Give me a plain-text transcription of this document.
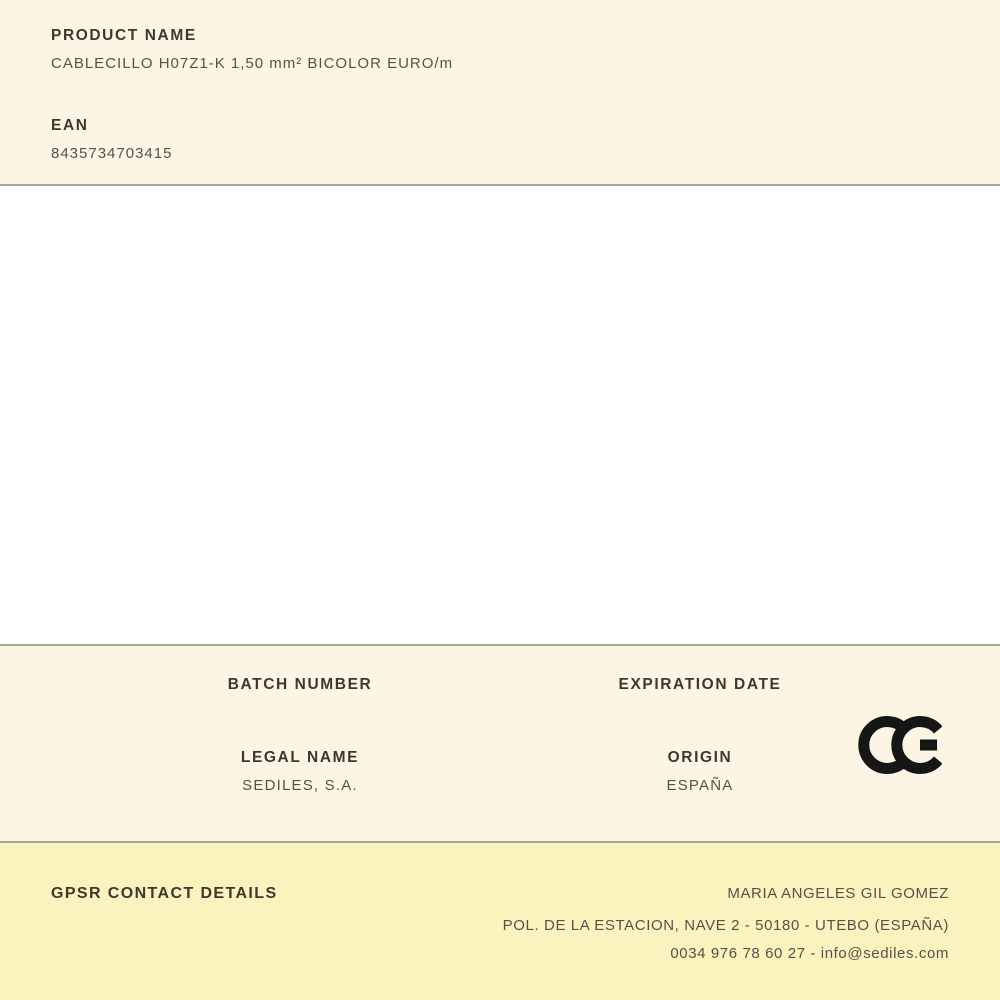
PRODUCT NAME
CABLECILLO H07Z1-K 1,50 mm² BICOLOR EURO/m
EAN
8435734703415
BATCH NUMBER	EXPIRATION DATE
LEGAL NAME
SEDILES, S.A.
ORIGIN
ESPAÑA
GPSR CONTACT DETAILS	MARIA ANGELES GIL GOMEZ
POL. DE LA ESTACION, NAVE 2 - 50180 - UTEBO (ESPAÑA)
0034 976 78 60 27 - info@sediles.com
